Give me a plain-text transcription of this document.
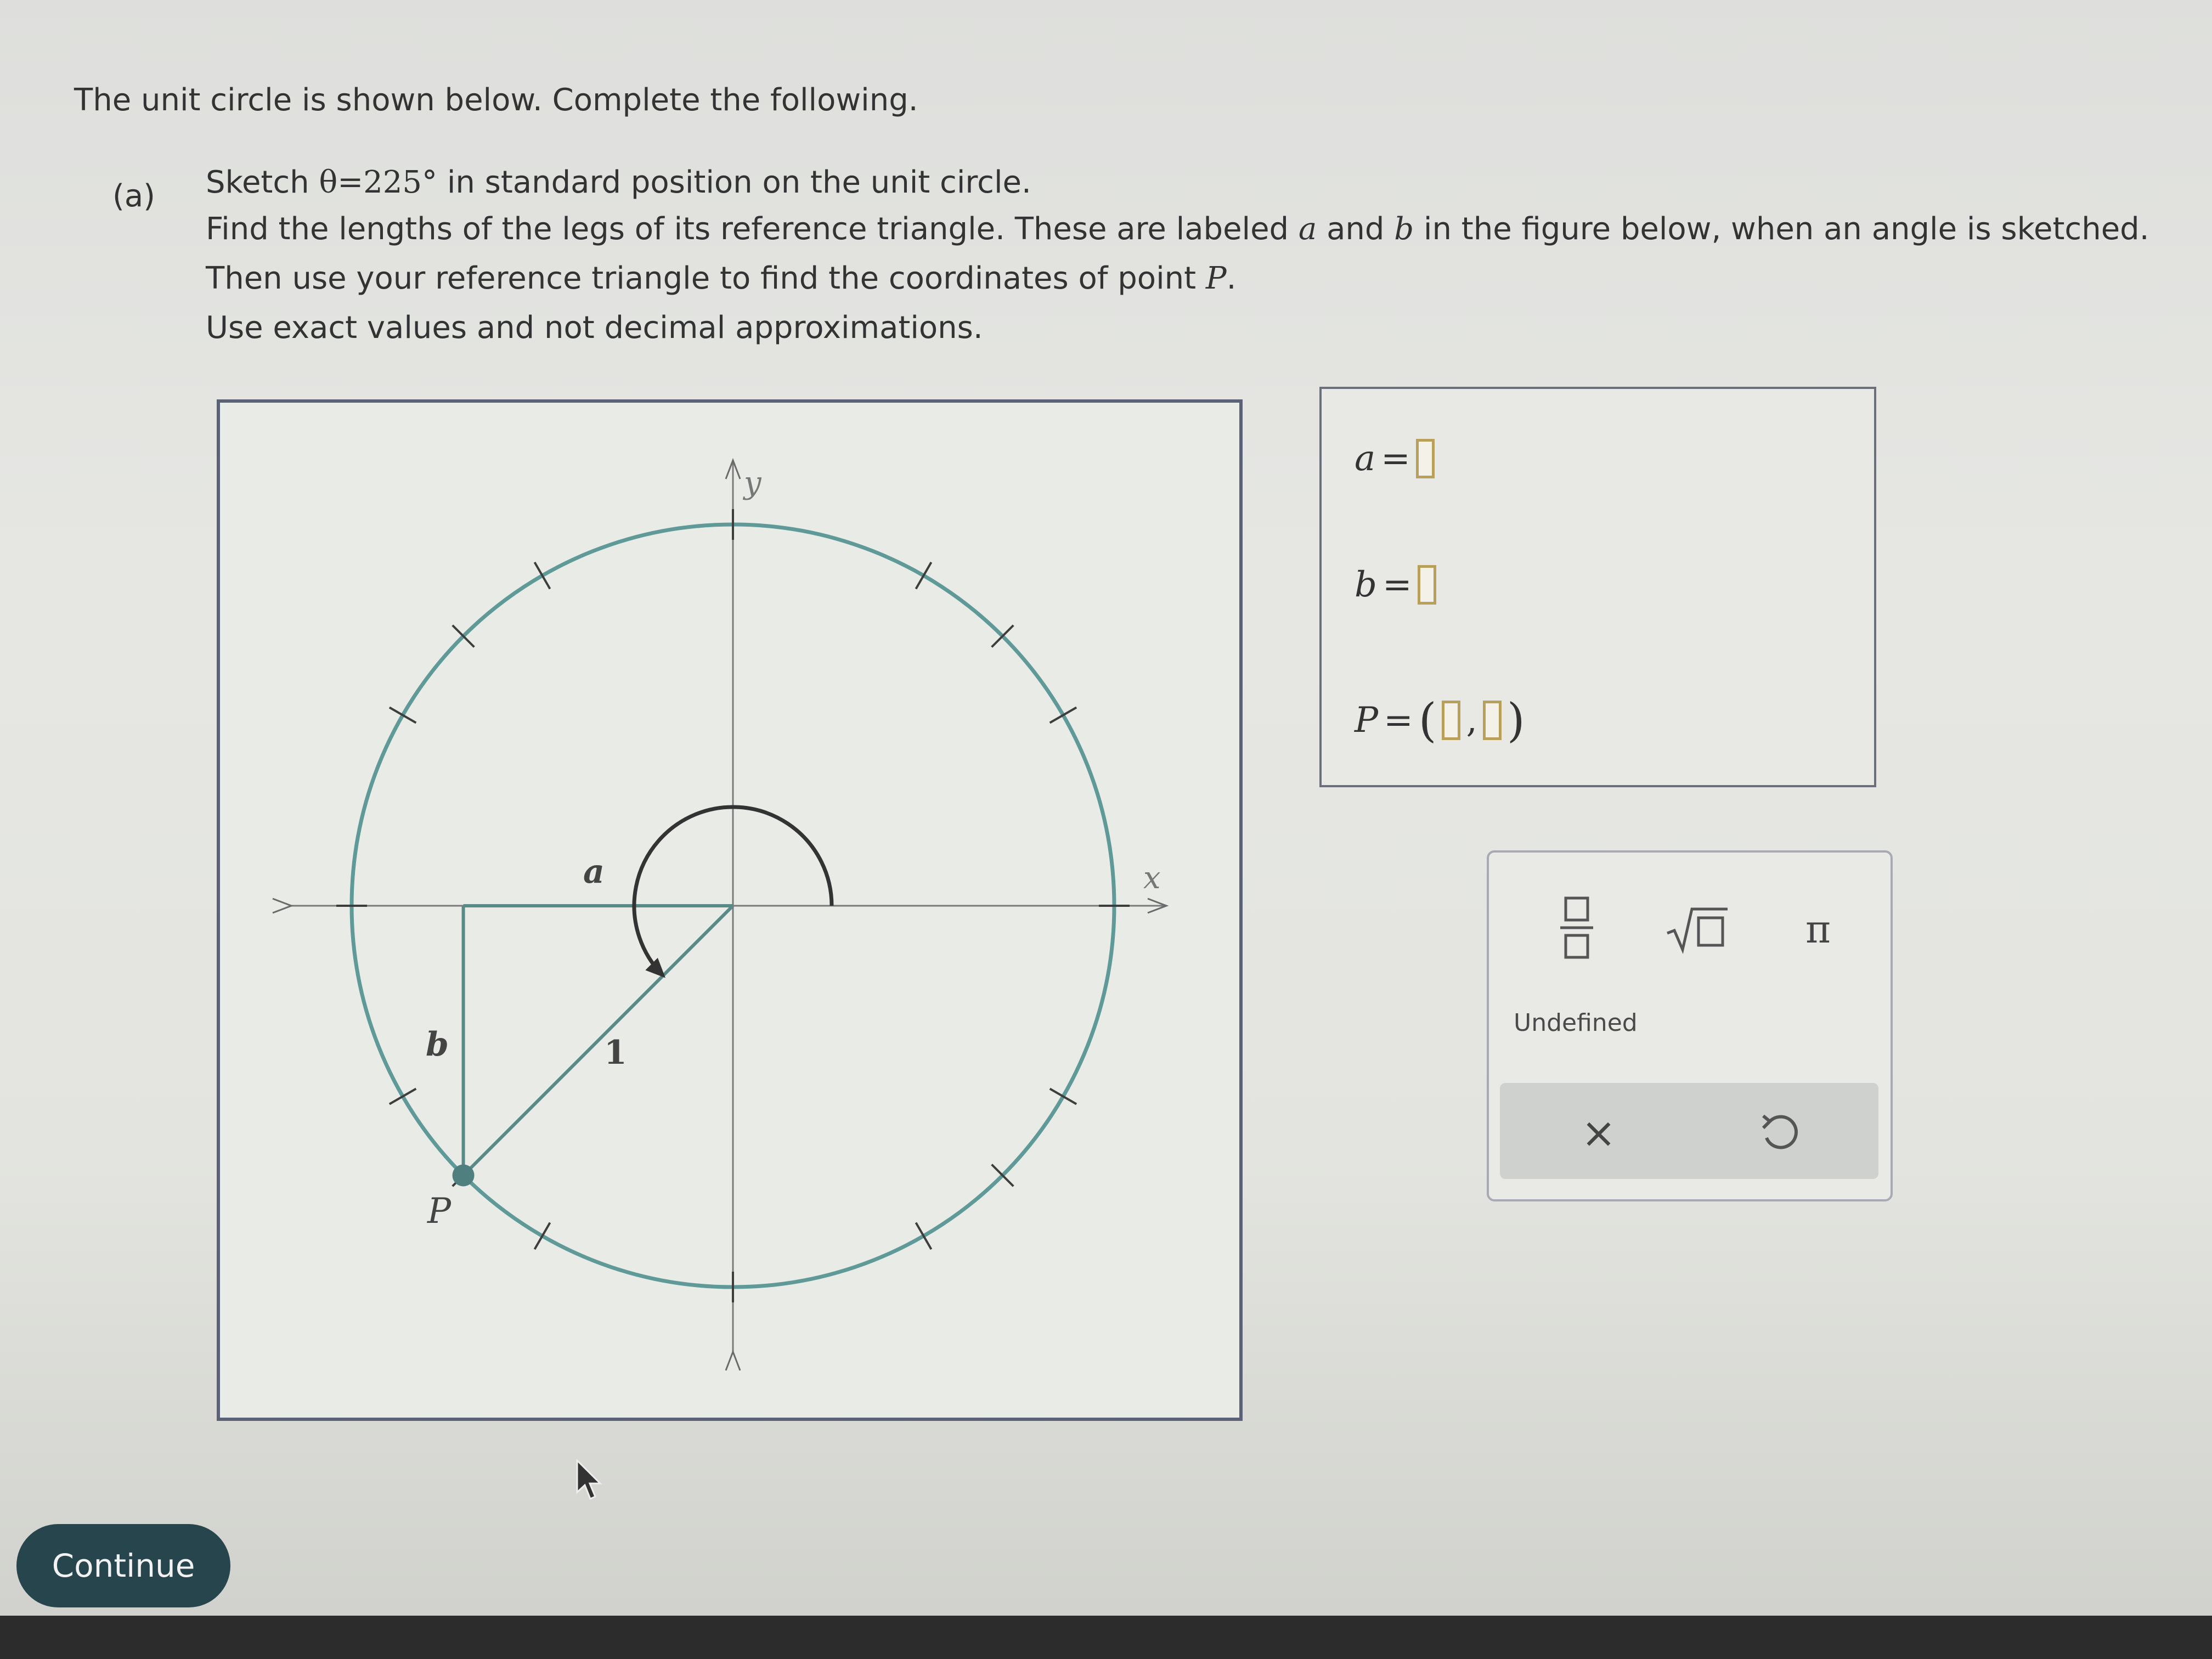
The unit circle is shown below. Complete the following.
(a) Sketch θ=225° in standard position on the unit circle.
Find the lengths of the legs of its reference triangle. These are labeled a and b in the figure below, when an angle is sketched.
Then use your reference triangle to find the coordinates of point P.
Use exact values and not decimal approximations.
y
x
a
b	1
P
a =
b =
P = ( , )
π
Undefined
×
Continue
